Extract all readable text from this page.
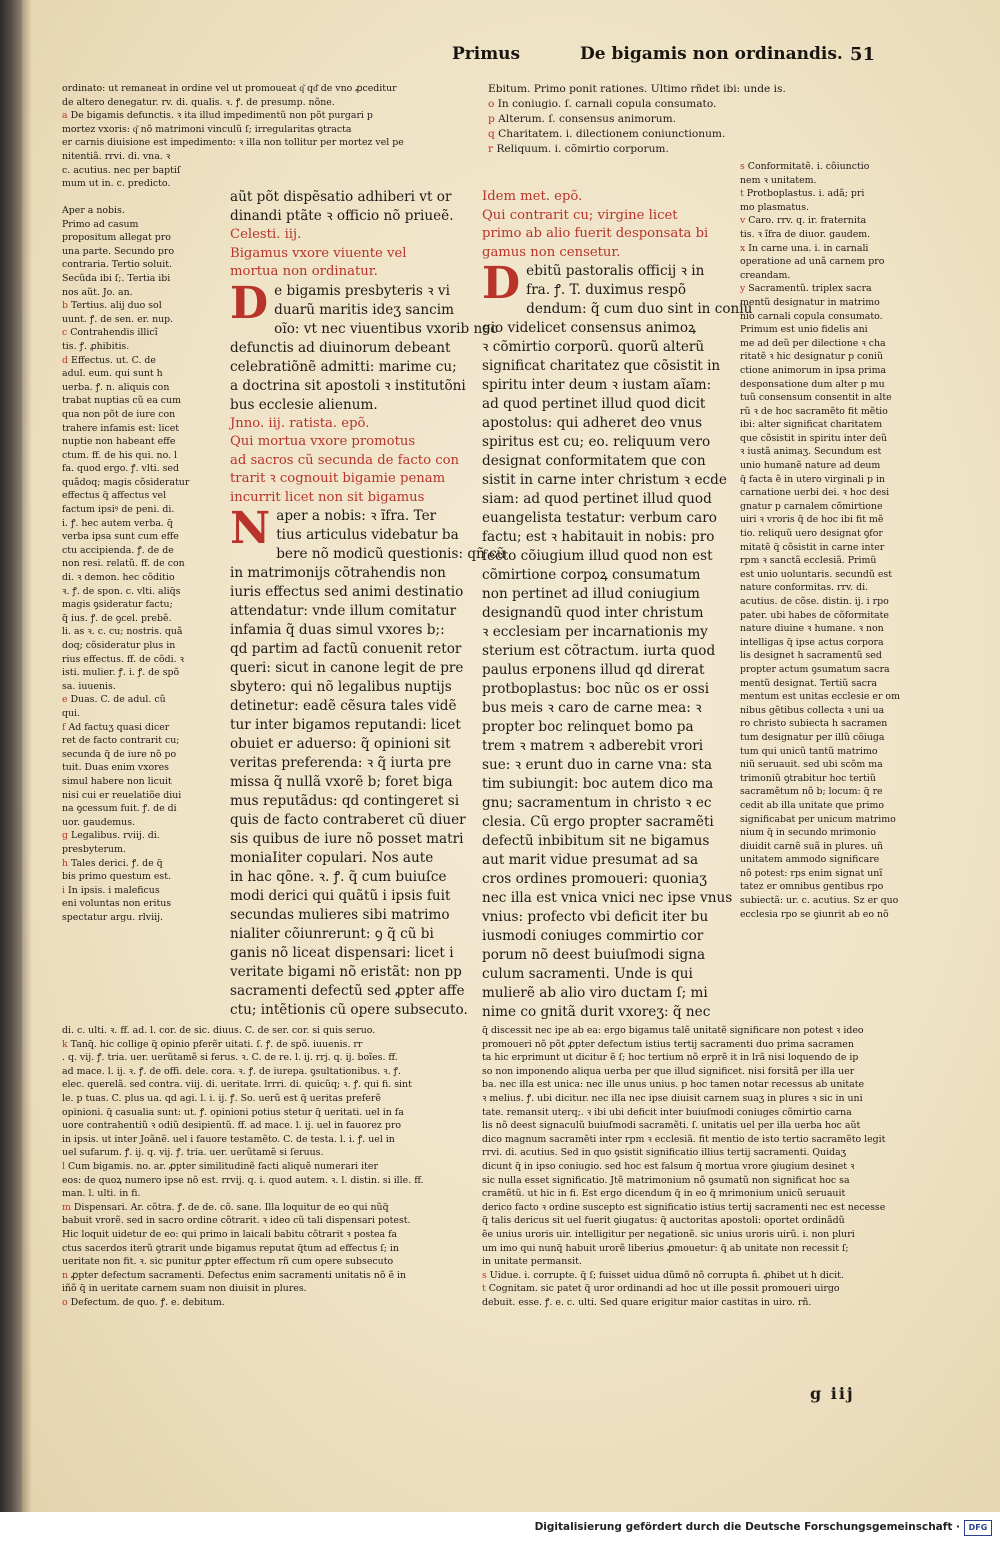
Primus	De bigamis non ordinandis. 51
ordinato: ut remaneat in ordine vel ut promoueat q͂ qd͂ de vno ꝓceditur
de altero denegatur. rv. di. qualis. ꝛ. ꝭ. de presump. nõne.
a De bigamis defunctis. ꝛ ita illud impedimentũ non põt purgari p
mortez vxoris: q͂ nõ matrimoni vinculũ ſ; irregularitas ꝯtracta
er carnis diuisione est impedimento: ꝛ illa non tollitur per mortez vel pe
nitentiã. rrvi. di. vna. ꝛ
c. acutius. nec per baptiſ
mum ut in. c. predicto.
Aper a nobis.
Primo ad casum
propositum allegat pro
una parte. Secundo pro
contraria. Tertio soluit.
Secũda ibi ſ;. Tertia ibi
nos aũt. Jo. an.
b Tertius. alij duo sol
uunt. ꝭ. de sen. er. nup.
c Contrahendis illicĩ
tis. ꝭ. ꝓhibitis.
d Effectus. ut. C. de
adul. eum. qui sunt h
uerba. ꝭ. n. aliquis con
trabat nuptias cũ ea cum
qua non põt de iure con
trahere infamis est: licet
nuptie non habeant effe
ctum. ff. de his qui. no. l
fa. quod ergo. ꝭ. vlti. sed
quãdoq; magis cõsideratur
effectus q̃ affectus vel
factum ipsiꝰ de peni. di.
i. ꝭ. hec autem verba. q̃
verba ipsa sunt cum effe
ctu accipienda. ꝭ. de de
non resi. relatũ. ff. de con
di. ꝛ demon. hec cõditio
ꝛ. ꝭ. de spon. c. vlti. aliq̃s
magis ꝯsideratur factu;
q̃ ius. ꝭ. de ꝯcel. prebẽ.
li. as ꝛ. c. cu; nostris. quã
doq; cõsideratur plus in
rius effectus. ff. de cõdi. ꝛ
isti. mulier. ꝭ. i. ꝭ. de spõ
sa. iuuenis.
e Duas. C. de adul. cũ
qui.
f Ad factuʒ quasi dicer
ret de facto contrarit cu;
secunda q̃ de iure nõ po
tuit. Duas enim vxores
simul habere non licuit
nisi cui er reuelatiõe diui
na ꝯcessum fuit. ꝭ. de di
uor. gaudemus.
g Legalibus. rviij. di.
presbyterum.
h Tales derici. ꝭ. de q̃
bis primo questum est.
i In ipsis. i maleficus
eni voluntas non eritus
spectatur argu. rlviij.
aũt põt dispẽsatio adhiberi vt or
dinandi ptãte ꝛ officio nõ priueẽ.
Celesti. iij.
Bigamus vxore viuente vel
mortua non ordinatur.
D e bigamis presbyteris ꝛ vi
duarũ maritis ideʒ sancim
oĩo: vt nec viuentibus vxorib nec
defunctis ad diuinorum debeant
celebratiõnẽ admitti: marime cu;
a doctrina sit apostoli ꝛ institutõni
bus ecclesie alienum.
Jnno. iij. ratista. epõ.
Qui mortua vxore promotus
ad sacros cũ secunda de facto con
trarit ꝛ cognouit bigamie penam
incurrit licet non sit bigamus
N aper a nobis: ꝛ ĩfra. Ter
tius articulus videbatur ba
bere nõ modicũ questionis: qñ cũ
in matrimonijs cõtrahendis non
iuris effectus sed animi destinatio
attendatur: vnde illum comitatur
infamia q̃ duas simul vxores b;:
qd partim ad factũ conuenit retor
queri: sicut in canone legit de pre
sbytero: qui nõ legalibus nuptijs
detinetur: eadẽ cẽsura tales vidẽ
tur inter bigamos reputandi: licet
obuiet er aduerso: q̃ opinioni sit
veritas preferenda: ꝛ q̃ iurta pre
missa q̃ nullã vxorẽ b; foret biga
mus reputãdus: qd contingeret si
quis de facto contraberet cũ diuer
sis quibus de iure nõ posset matri
moniaIiter copulari. Nos aute
in hac qõne. ꝛ. ꝭ. q̃ cum buiuſce
modi derici qui quãtũ i ipsis fuit
secundas mulieres sibi matrimo
nialiter cõiunrerunt: ꝯ q̃ cũ bi
ganis nõ liceat dispensari: licet i
veritate bigami nõ eristãt: non pp
sacramenti defectũ sed ꝓpter affe
ctu; intẽtionis cũ opere subsecuto.
Ebitum. Primo ponit rationes. Ultimo rñdet ibi: unde is.
o In coniugio. ſ. carnali copula consumato.
p Alterum. ſ. consensus animorum.
q Charitatem. i. dilectionem coniunctionum.
r Reliquum. i. cõmirtio corporum.
Idem met. epõ.
Qui contrarit cu; virgine licet
primo ab alio fuerit desponsata bi
gamus non censetur.
D ebitũ pastoralis officij ꝛ in
fra. ꝭ. T. duximus respõ
dendum: q̃ cum duo sint in coniu
gio videlicet consensus animoꝝ
ꝛ cõmirtio corporũ. quorũ alterũ
significat charitatez que cõsistit in
spiritu inter deum ꝛ iustam aĩam:
ad quod pertinet illud quod dicit
apostolus: qui adheret deo vnus
spiritus est cu; eo. reliquum vero
designat conformitatem que con
sistit in carne inter christum ꝛ ecde
siam: ad quod pertinet illud quod
euangelista testatur: verbum caro
factu; est ꝛ habitauit in nobis: pro
fecto cõiugium illud quod non est
cõmirtione corpoꝝ consumatum
non pertinet ad illud coniugium
designandũ quod inter christum
ꝛ ecclesiam per incarnationis my
sterium est cõtractum. iurta quod
paulus erponens illud qd direrat
protboplastus: boc nũc os er ossi
bus meis ꝛ caro de carne mea: ꝛ
propter boc relinquet bomo pa
trem ꝛ matrem ꝛ adberebit vrori
sue: ꝛ erunt duo in carne vna: sta
tim subiungit: boc autem dico ma
gnu; sacramentum in christo ꝛ ec
clesia. Cũ ergo propter sacramẽti
defectũ inbibitum sit ne bigamus
aut marit vidue presumat ad sa
cros ordines promoueri: quoniaʒ
nec illa est vnica vnici nec ipse vnus
vnius: profecto vbi deficit iter bu
iusmodi coniuges commirtio cor
porum nõ deest buiuſmodi signa
culum sacramenti. Unde is qui
mulierẽ ab alio viro ductam ſ; mi
nime co gnitã durit vxoreʒ: q̃ nec
s Conformitatẽ. i. cõiunctio
nem ꝛ unitatem.
t Protboplastus. i. adã; pri
mo plasmatus.
v Caro. rrv. q. ir. fraternita
tis. ꝛ ĩfra de diuor. gaudem.
x In carne una. i. in carnali
operatione ad unã carnem pro
creandam.
y Sacramentũ. triplex sacra
mentũ designatur in matrimo
nio carnali copula consumato.
Primum est unio fidelis ani
me ad deũ per dilectione ꝛ cha
ritatẽ ꝛ hic designatur p coniũ
ctione animorum in ipsa prima
desponsatione dum alter p mu
tuũ consensum consentit in alte
rũ ꝛ de hoc sacramẽto fit mẽtio
ibi: alter significat charitatem
que cõsistit in spiritu inter deũ
ꝛ iustã animaʒ. Secundum est
unio humanẽ nature ad deum
q̃ facta ẽ in utero virginali p in
carnatione uerbi dei. ꝛ hoc desi
gnatur p carnalem cõmirtione
uiri ꝛ vroris q̃ de hoc ibi fit mẽ
tio. reliquũ uero designat ꝯfor
mitatẽ q̃ cõsistit in carne inter
rpm ꝛ sanctã ecclesiã. Primũ
est unio uoluntaris. secundũ est
nature conformitas. rrv. di.
acutius. de cõse. distin. ij. i rpo
pater. ubi habes de cõformitate
nature diuine ꝛ humane. ꝛ non
intelligas q̃ ipse actus corpora
lis designet h sacramentũ sed
propter actum ꝯsumatum sacra
mentũ designat. Tertiũ sacra
mentum est unitas ecclesie er om
nibus gẽtibus collecta ꝛ uni ua
ro christo subiecta h sacramen
tum designatur per illũ cõiuga
tum qui unicũ tantũ matrimo
niũ seruauit. sed ubi scõm ma
trimoniũ ꝯtrabitur hoc tertiũ
sacramẽtum nõ b; locum: q̃ re
cedit ab illa unitate que primo
significabat per unicum matrimo
nium q̃ in secundo mrimonio
diuidit carnẽ suã in plures. uñ
unitatem ammodo significare
nõ potest: rps enim signat unĩ
tatez er omnibus gentibus rpo
subiectã: ur. c. acutius. Sz er quo
ecclesia rpo se ꝯiunrit ab eo nõ
di. c. ulti. ꝛ. ff. ad. l. cor. de sic. diuus. C. de ser. cor. si quis seruo.
k Tanq̃. hic collige q̃ opinio pferẽr uitati. ſ. ꝭ. de spõ. iuuenis. rr
. q. vij. ꝭ. tria. uer. uerũtamẽ si ferus. ꝛ. C. de re. l. ij. rrj. q. ij. boĩes. ff.
ad mace. l. ij. ꝛ. ꝭ. de offi. dele. cora. ꝛ. ꝭ. de iurepa. ꝯsultationibus. ꝛ. ꝭ.
elec. querelã. sed contra. viij. di. ueritate. lrrri. di. quicũq; ꝛ. ꝭ. qui fi. sint
le. p tuas. C. plus ua. qd agi. l. i. ij. ꝭ. So. uerũ est q̃ ueritas preferẽ
opinioni. q̃ casualia sunt: ut. ꝭ. opinioni potius stetur q̃ ueritati. uel in fa
uore contrahentiũ ꝛ odiũ desipientũ. ff. ad mace. l. ij. uel in fauorez pro
in ipsis. ut inter Joãnẽ. uel i fauore testamẽto. C. de testa. l. i. ꝭ. uel in
uel sufarum. ꝭ. ij. q. vij. ꝭ. tria. uer. uerũtamẽ si ſeruus.
l Cum bigamis. no. ar. ꝓpter similitudinẽ facti aliquẽ numerari iter
eos: de quoꝝ numero ipse nõ est. rrvij. q. i. quod autem. ꝛ. l. distin. si ille. ff.
man. l. ulti. in fi.
m Dispensari. Ar. cõtra. ꝭ. de de. cõ. sane. Illa loquitur de eo qui nũq̃
babuit vrorẽ. sed in sacro ordine cõtrarit. ꝛ ideo cũ tali dispensari potest.
Hic loquit uidetur de eo: qui primo in laicali babitu cõtrarit ꝛ postea fa
ctus sacerdos iterũ ꝯtrarit unde bigamus reputat q̃tum ad effectus ſ; in
ueritate non fit. ꝛ. sic punitur ꝓpter effectum rñ cum opere subsecuto
n ꝓpter defectum sacramenti. Defectus enim sacramenti unitatis nõ ẽ in
iñõ q̃ in ueritate carnem suam non diuisit in plures.
o Defectum. de quo. ꝭ. e. debitum.
q̃ discessit nec ipe ab ea: ergo bigamus talẽ unitatẽ significare non potest ꝛ ideo
promoueri nõ põt ꝓpter defectum istius tertij sacramenti duo prima sacramen
ta hic erprimunt ut dicitur ẽ ſ; hoc tertium nõ erprẽ it in lrã nisi loquendo de ip
so non imponendo aliqua uerba per que illud significet. nisi forsitã per illa uer
ba. nec illa est unica: nec ille unus unius. p hoc tamen notar recessus ab unitate
ꝛ melius. ꝭ. ubi dicitur. nec illa nec ipse diuisit carnem suaʒ in plures ꝛ sic in uni
tate. remansit uterq;. ꝛ ibi ubi deficit inter buiuſmodi coniuges cõmirtio carna
lis nõ deest signaculũ buiuſmodi sacramẽti. ſ. unitatis uel per illa uerba hoc aũt
dico magnum sacramẽti inter rpm ꝛ ecclesiã. fit mentio de isto tertio sacramẽto legit
rrvi. di. acutius. Sed in quo ꝯsistit significatio illius tertij sacramenti. Quidaʒ
dicunt q̃ in ipso coniugio. sed hoc est falsum q̃ mortua vrore ꝯiugium desinet ꝛ
sic nulla esset significatio. Jtẽ matrimonium nõ ꝯsumatũ non significat hoc sa
cramẽtũ. ut hic in fi. Est ergo dicendum q̃ in eo q̃ mrimonium unicũ seruauit
derico facto ꝛ ordine suscepto est significatio istius tertij sacramenti nec est necesse
q̃ talis dericus sit uel fuerit ꝯiugatus: q̃ auctoritas apostoli: oportet ordinãdũ
ẽe unius uroris uir. intelligitur per negationẽ. sic unius uroris uirũ. i. non pluri
um imo qui nunq̃ habuit urorẽ liberius ꝓmouetur: q̃ ab unitate non recessit ſ;
in unitate permansit.
s Uidue. i. corrupte. q̃ ſ; fuisset uidua dũmõ nõ corrupta ñ. ꝓhibet ut h dicit.
t Cognitam. sic patet q̃ uror ordinandi ad hoc ut ille possit promoueri uirgo
debuit. esse. ꝭ. e. c. ulti. Sed quare erigitur maior castitas in uiro. rñ.
g iij
Digitalisierung gefördert durch die Deutsche Forschungsgemeinschaft ·	DFG
